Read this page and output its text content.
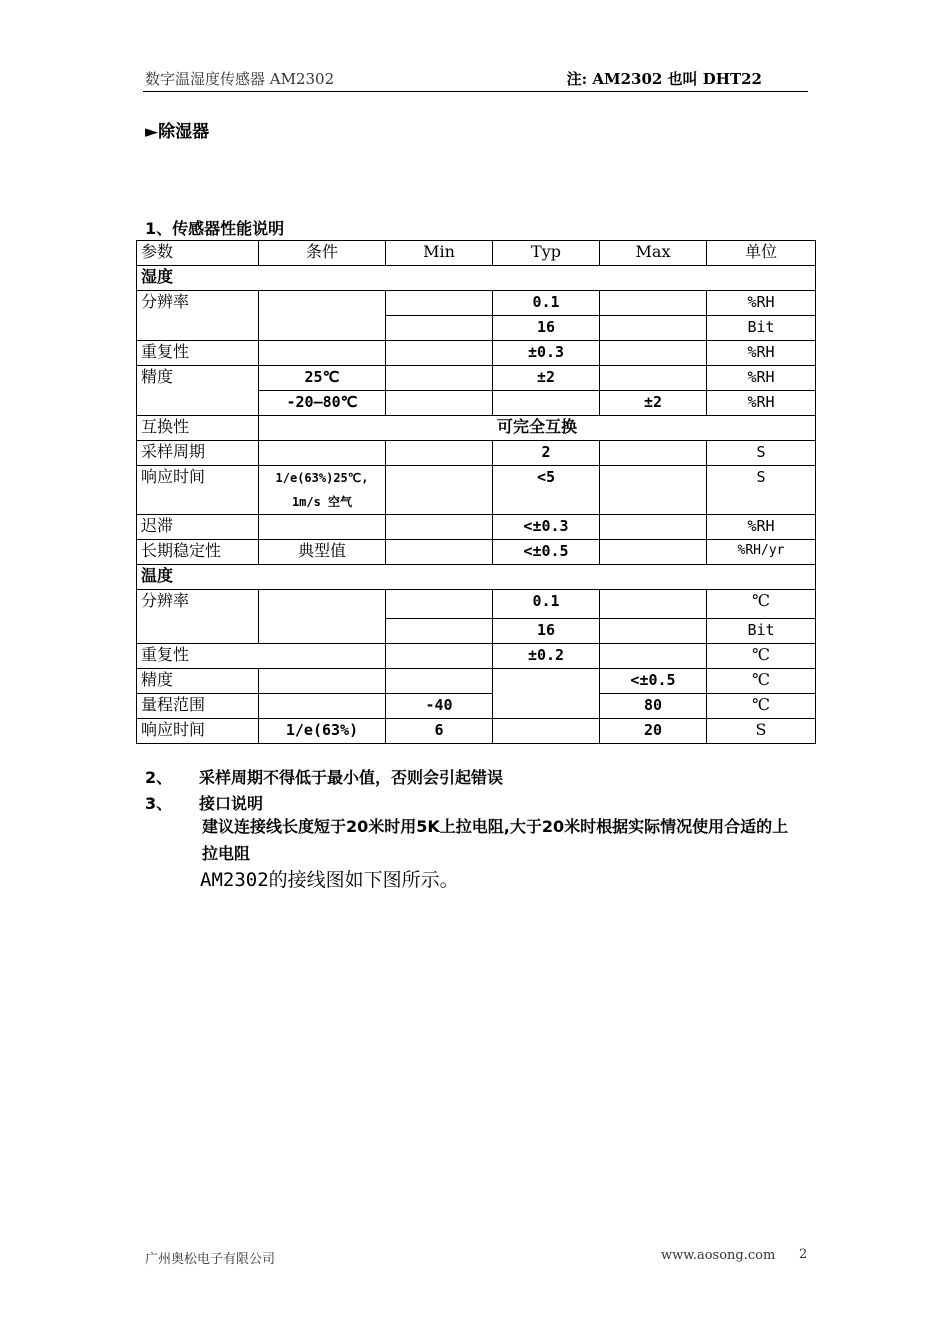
数字温湿度传感器 AM2302	注: AM2302 也叫 DHT22
►除湿器
1、传感器性能说明
参数	条件	Min	Typ	Max	单位
湿度					
分辨率			0.1		%RH
			16		Bit
重复性			±0.3		%RH
精度	25℃		±2		%RH
	-20—80℃			±2	%RH
互换性	可完全互换				
采样周期			2		S
响应时间	1/e(63%)25℃, 1m/s 空气		<5		S
迟滞			<±0.3		%RH
长期稳定性	典型值		<±0.5		%RH/yr
温度					
分辨率			0.1		℃
			16		Bit
重复性			±0.2		℃
精度				<±0.5	℃
量程范围		-40		80	℃
响应时间	1/e(63%)	6		20	S
2、 采样周期不得低于最小值，否则会引起错误
3、 接口说明
建议连接线长度短于20米时用5K上拉电阻,大于20米时根据实际情况使用合适的上拉电阻
AM2302的接线图如下图所示。
广州奥松电子有限公司	www.aosong.com 2
